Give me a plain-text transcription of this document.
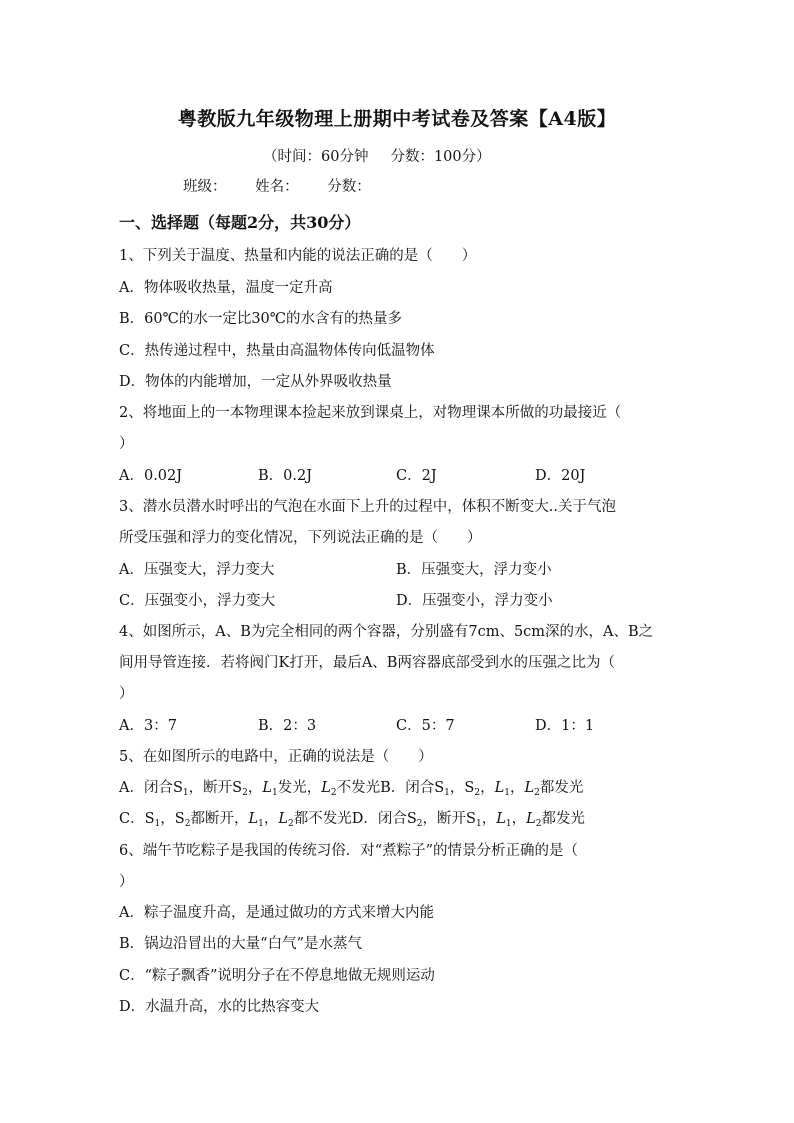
粤教版九年级物理上册期中考试卷及答案【A4版】
（时间：60分钟 分数：100分）
班级： 姓名： 分数：
一、选择题（每题2分，共30分）
1、下列关于温度、热量和内能的说法正确的是（　　）
A．物体吸收热量，温度一定升高
B．60℃的水一定比30℃的水含有的热量多
C．热传递过程中，热量由高温物体传向低温物体
D．物体的内能增加，一定从外界吸收热量
2、将地面上的一本物理课本捡起来放到课桌上，对物理课本所做的功最接近（
）
A．0.02J	B．0.2J	C．2J	D．20J
3、潜水员潜水时呼出的气泡在水面下上升的过程中，体积不断变大..关于气泡
所受压强和浮力的变化情况，下列说法正确的是（　　）
A．压强变大，浮力变大	B．压强变大，浮力变小
C．压强变小，浮力变大	D．压强变小，浮力变小
4、如图所示，A、B为完全相同的两个容器，分别盛有7cm、5cm深的水，A、B之
间用导管连接．若将阀门K打开，最后A、B两容器底部受到水的压强之比为（
）
A．3：7	B．2：3	C．5：7	D．1：1
5、在如图所示的电路中，正确的说法是（　　）
A．闭合$S_1$，断开$S_2$，$L_1$发光，$L_2$不发光B．闭合$S_1$，$S_2$，$L_1$，$L_2$都发光
C．$S_1$，$S_2$都断开，$L_1$，$L_2$都不发光D．闭合$S_2$，断开$S_1$，$L_1$，$L_2$都发光
6、端午节吃粽子是我国的传统习俗．对“煮粽子”的情景分析正确的是（
）
A．粽子温度升高，是通过做功的方式来增大内能
B．锅边沿冒出的大量“白气”是水蒸气
C．“粽子飘香”说明分子在不停息地做无规则运动
D．水温升高，水的比热容变大
